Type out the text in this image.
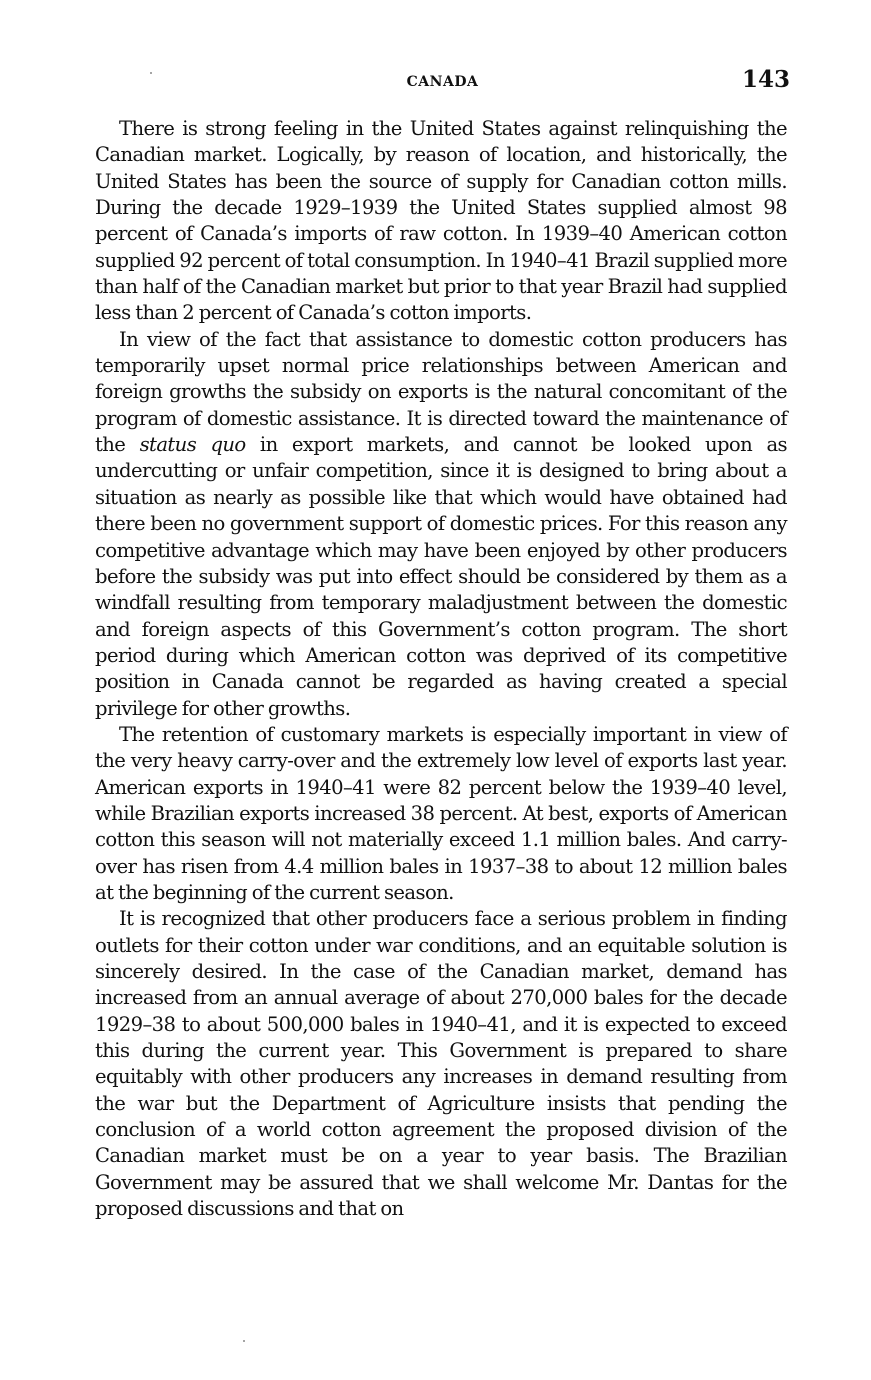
CANADA	143

There is strong feeling in the United States against relinquishing the Canadian market. Logically, by reason of location, and historically, the United States has been the source of supply for Canadian cotton mills. During the decade 1929–1939 the United States supplied almost 98 percent of Canada’s imports of raw cotton. In 1939–40 American cotton supplied 92 percent of total consumption. In 1940–41 Brazil supplied more than half of the Canadian market but prior to that year Brazil had supplied less than 2 percent of Canada’s cotton imports.

In view of the fact that assistance to domestic cotton producers has temporarily upset normal price relationships between American and foreign growths the subsidy on exports is the natural concomitant of the program of domestic assistance. It is directed toward the maintenance of the status quo in export markets, and cannot be looked upon as undercutting or unfair competition, since it is designed to bring about a situation as nearly as possible like that which would have obtained had there been no government support of domestic prices. For this reason any competitive advantage which may have been enjoyed by other producers before the subsidy was put into effect should be considered by them as a windfall resulting from temporary maladjustment between the domestic and foreign aspects of this Government’s cotton program. The short period during which American cotton was deprived of its competitive position in Canada cannot be regarded as having created a special privilege for other growths.

The retention of customary markets is especially important in view of the very heavy carry-over and the extremely low level of exports last year. American exports in 1940–41 were 82 percent below the 1939–40 level, while Brazilian exports increased 38 percent. At best, exports of American cotton this season will not materially exceed 1.1 million bales. And carry-over has risen from 4.4 million bales in 1937–38 to about 12 million bales at the beginning of the current season.

It is recognized that other producers face a serious problem in finding outlets for their cotton under war conditions, and an equitable solution is sincerely desired. In the case of the Canadian market, demand has increased from an annual average of about 270,000 bales for the decade 1929–38 to about 500,000 bales in 1940–41, and it is expected to exceed this during the current year. This Government is prepared to share equitably with other producers any increases in demand resulting from the war but the Department of Agriculture insists that pending the conclusion of a world cotton agreement the proposed division of the Canadian market must be on a year to year basis. The Brazilian Government may be assured that we shall welcome Mr. Dantas for the proposed discussions and that on
